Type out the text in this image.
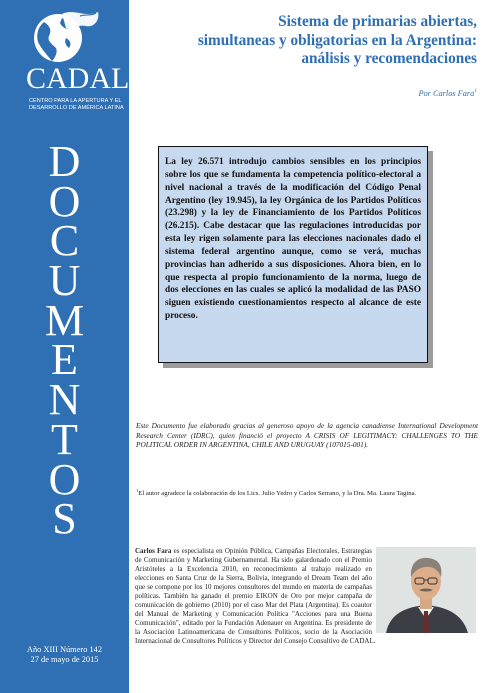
CADAL
CENTRO PARA LA APERTURA Y EL DESARROLLO DE AMÉRICA LATINA
D
O
C
U
M
E
N
T
O
S
Año XIII Número 142
27 de mayo de 2015
Sistema de primarias abiertas,
simultaneas y obligatorias en la Argentina:
análisis y recomendaciones
Por Carlos Fara$^1$

La ley 26.571 introdujo cambios sensibles en los principios sobre los que se fundamenta la competencia político-electoral a nivel nacional a través de la modificación del Código Penal Argentino (ley 19.945), la ley Orgánica de los Partidos Políticos (23.298) y la ley de Financiamiento de los Partidos Políticos (26.215). Cabe destacar que las regulaciones introducidas por esta ley rigen solamente para las elecciones nacionales dado el sistema federal argentino aunque, como se verá, muchas provincias han adherido a sus disposiciones. Ahora bien, en lo que respecta al propio funcionamiento de la norma, luego de dos elecciones en las cuales se aplicó la modalidad de las PASO siguen existiendo cuestionamientos respecto al alcance de este proceso.

Este Documento fue elaborado gracias al generoso apoyo de la agencia canadiense International Development Research Center (IDRC), quien financió el proyecto A CRISIS OF LEGITIMACY: CHALLENGES TO THE POLITICAL ORDER IN ARGENTINA, CHILE AND URUGUAY (107015-001).

$^1$El autor agradece la colaboración de los Lics. Julio Yedro y Carlos Serrano, y la Dra. Ma. Laura Tagina.

Carlos Fara es especialista en Opinión Pública, Campañas Electorales, Estrategias de Comunicación y Marketing Gubernamental. Ha sido galardonado con el Premio Aristóteles a la Excelencia 2010, en reconocimiento al trabajo realizado en elecciones en Santa Cruz de la Sierra, Bolivia, integrando el Dream Team del año que se compone por los 10 mejores consultores del mundo en materia de campañas políticas. También ha ganado el premio EIKON de Oro por mejor campaña de comunicación de gobierno (2010) por el caso Mar del Plata (Argentina). Es coautor del Manual de Marketing y Comunicación Política "Acciones para una Buena Comunicación", editado por la Fundación Adenauer en Argentina. Es presidente de la Asociación Latinoamericana de Consultores Políticos, socio de la Asociación Internacional de Consultores Políticos y Director del Consejo Consultivo de CADAL.
